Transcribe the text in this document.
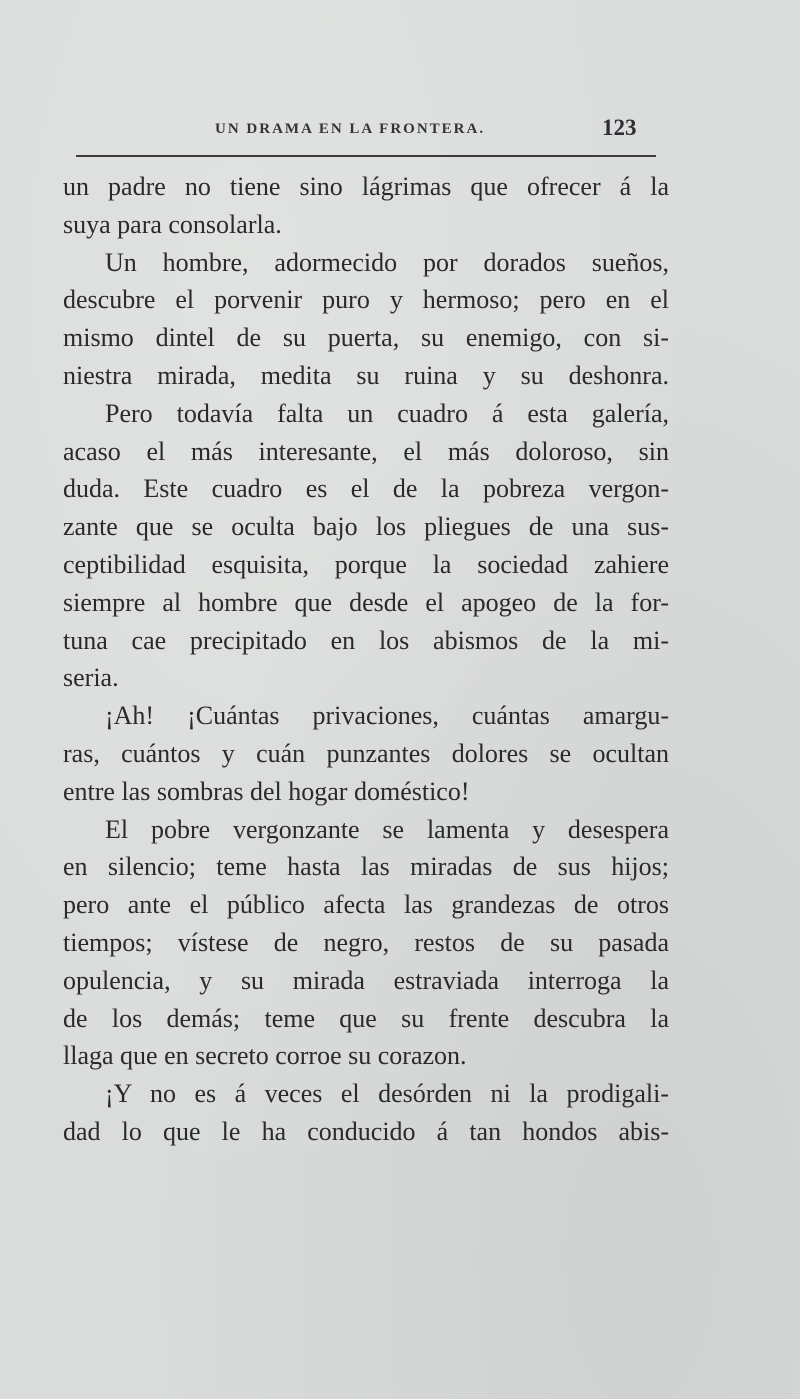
UN DRAMA EN LA FRONTERA.	123
un padre no tiene sino lágrimas que ofrecer á la
suya para consolarla.
Un hombre, adormecido por dorados sueños,
descubre el porvenir puro y hermoso; pero en el
mismo dintel de su puerta, su enemigo, con si-
niestra mirada, medita su ruina y su deshonra.
Pero todavía falta un cuadro á esta galería,
acaso el más interesante, el más doloroso, sin
duda. Este cuadro es el de la pobreza vergon-
zante que se oculta bajo los pliegues de una sus-
ceptibilidad esquisita, porque la sociedad zahiere
siempre al hombre que desde el apogeo de la for-
tuna cae precipitado en los abismos de la mi-
seria.
¡Ah! ¡Cuántas privaciones, cuántas amargu-
ras, cuántos y cuán punzantes dolores se ocultan
entre las sombras del hogar doméstico!
El pobre vergonzante se lamenta y desespera
en silencio; teme hasta las miradas de sus hijos;
pero ante el público afecta las grandezas de otros
tiempos; vístese de negro, restos de su pasada
opulencia, y su mirada estraviada interroga la
de los demás; teme que su frente descubra la
llaga que en secreto corroe su corazon.
¡Y no es á veces el desórden ni la prodigali-
dad lo que le ha conducido á tan hondos abis-
